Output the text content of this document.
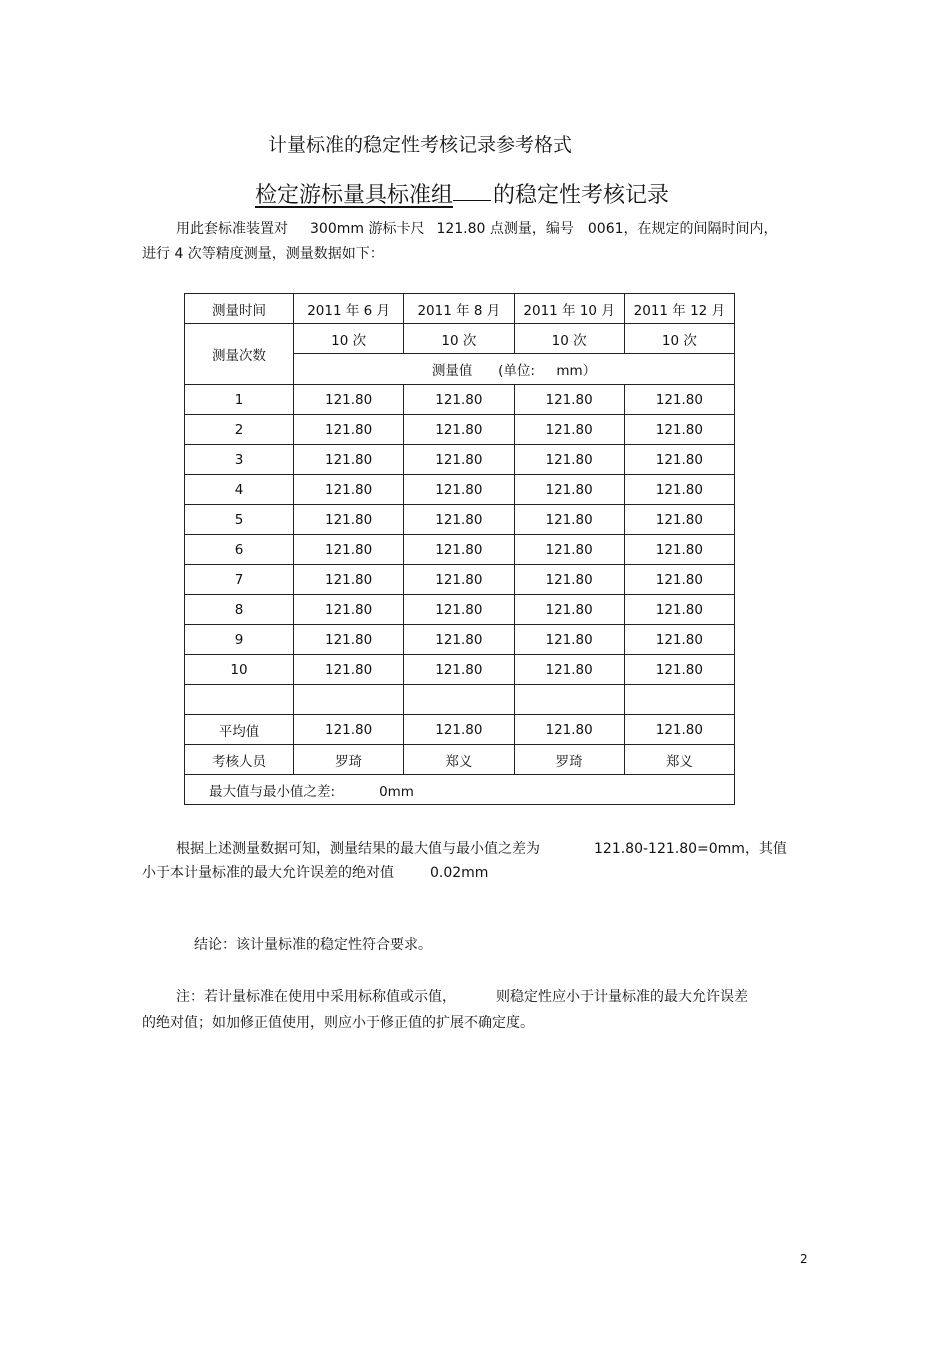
计量标准的稳定性考核记录参考格式
检定游标量具标准组 的稳定性考核记录
用此套标准装置对 300mm 游标卡尺 121.80 点测量，编号 0061，在规定的间隔时间内，
进行 4 次等精度测量，测量数据如下：
测量时间	2011 年 6 月	2011 年 8 月	2011 年 10 月	2011 年 12 月
测量次数	10 次	10 次	10 次	10 次
	测量值      (单位:     mm）			
1	121.80	121.80	121.80	121.80
2	121.80	121.80	121.80	121.80
3	121.80	121.80	121.80	121.80
4	121.80	121.80	121.80	121.80
5	121.80	121.80	121.80	121.80
6	121.80	121.80	121.80	121.80
7	121.80	121.80	121.80	121.80
8	121.80	121.80	121.80	121.80
9	121.80	121.80	121.80	121.80
10	121.80	121.80	121.80	121.80

平均值	121.80	121.80	121.80	121.80
考核人员	罗琦	郑义	罗琦	郑义
最大值与最小值之差: 0mm				
根据上述测量数据可知，测量结果的最大值与最小值之差为	121.80-121.80=0mm，其值
小于本计量标准的最大允许误差的绝对值	0.02mm
结论：该计量标准的稳定性符合要求。
注：若计量标准在使用中采用标称值或示值，	则稳定性应小于计量标准的最大允许误差
的绝对值；如加修正值使用，则应小于修正值的扩展不确定度。
2
